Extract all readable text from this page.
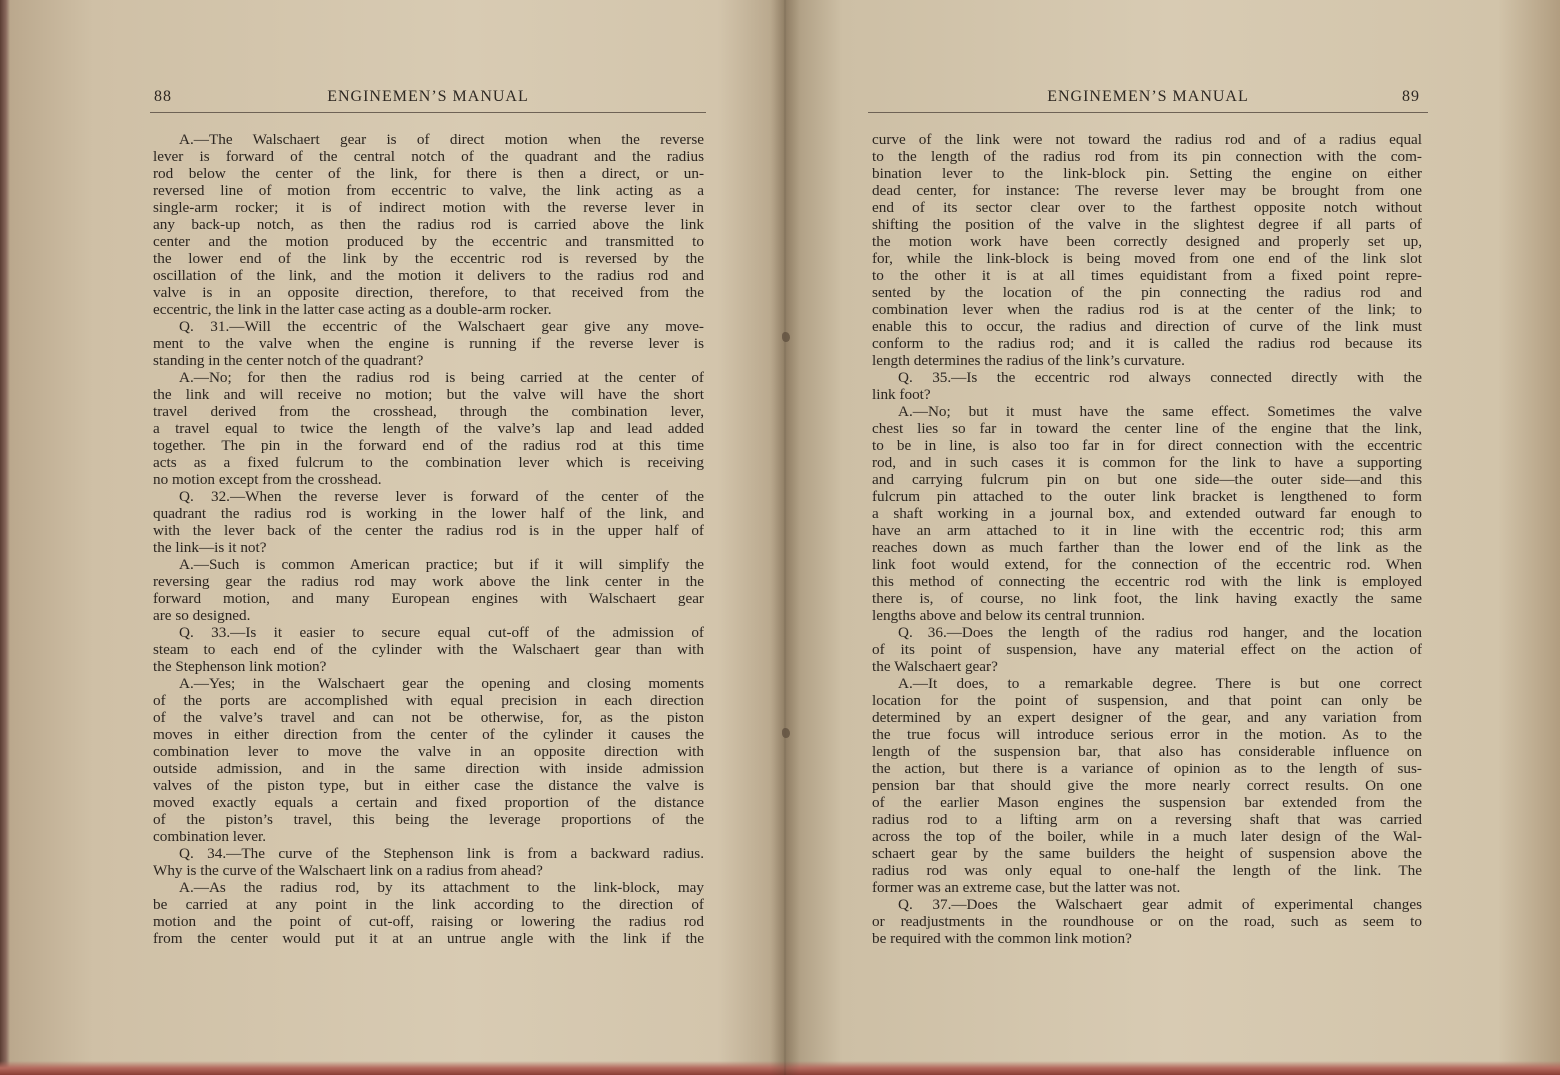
88	ENGINEMEN’S MANUAL
A.—The Walschaert gear is of direct motion when the reverse
lever is forward of the central notch of the quadrant and the radius
rod below the center of the link, for there is then a direct, or un-
reversed line of motion from eccentric to valve, the link acting as a
single-arm rocker; it is of indirect motion with the reverse lever in
any back-up notch, as then the radius rod is carried above the link
center and the motion produced by the eccentric and transmitted to
the lower end of the link by the eccentric rod is reversed by the
oscillation of the link, and the motion it delivers to the radius rod and
valve is in an opposite direction, therefore, to that received from the
eccentric, the link in the latter case acting as a double-arm rocker.
Q. 31.—Will the eccentric of the Walschaert gear give any move-
ment to the valve when the engine is running if the reverse lever is
standing in the center notch of the quadrant?
A.—No; for then the radius rod is being carried at the center of
the link and will receive no motion; but the valve will have the short
travel derived from the crosshead, through the combination lever,
a travel equal to twice the length of the valve’s lap and lead added
together. The pin in the forward end of the radius rod at this time
acts as a fixed fulcrum to the combination lever which is receiving
no motion except from the crosshead.
Q. 32.—When the reverse lever is forward of the center of the
quadrant the radius rod is working in the lower half of the link, and
with the lever back of the center the radius rod is in the upper half of
the link—is it not?
A.—Such is common American practice; but if it will simplify the
reversing gear the radius rod may work above the link center in the
forward motion, and many European engines with Walschaert gear
are so designed.
Q. 33.—Is it easier to secure equal cut-off of the admission of
steam to each end of the cylinder with the Walschaert gear than with
the Stephenson link motion?
A.—Yes; in the Walschaert gear the opening and closing moments
of the ports are accomplished with equal precision in each direction
of the valve’s travel and can not be otherwise, for, as the piston
moves in either direction from the center of the cylinder it causes the
combination lever to move the valve in an opposite direction with
outside admission, and in the same direction with inside admission
valves of the piston type, but in either case the distance the valve is
moved exactly equals a certain and fixed proportion of the distance
of the piston’s travel, this being the leverage proportions of the
combination lever.
Q. 34.—The curve of the Stephenson link is from a backward radius.
Why is the curve of the Walschaert link on a radius from ahead?
A.—As the radius rod, by its attachment to the link-block, may
be carried at any point in the link according to the direction of
motion and the point of cut-off, raising or lowering the radius rod
from the center would put it at an untrue angle with the link if the
ENGINEMEN’S MANUAL	89
curve of the link were not toward the radius rod and of a radius equal
to the length of the radius rod from its pin connection with the com-
bination lever to the link-block pin. Setting the engine on either
dead center, for instance: The reverse lever may be brought from one
end of its sector clear over to the farthest opposite notch without
shifting the position of the valve in the slightest degree if all parts of
the motion work have been correctly designed and properly set up,
for, while the link-block is being moved from one end of the link slot
to the other it is at all times equidistant from a fixed point repre-
sented by the location of the pin connecting the radius rod and
combination lever when the radius rod is at the center of the link; to
enable this to occur, the radius and direction of curve of the link must
conform to the radius rod; and it is called the radius rod because its
length determines the radius of the link’s curvature.
Q. 35.—Is the eccentric rod always connected directly with the
link foot?
A.—No; but it must have the same effect. Sometimes the valve
chest lies so far in toward the center line of the engine that the link,
to be in line, is also too far in for direct connection with the eccentric
rod, and in such cases it is common for the link to have a supporting
and carrying fulcrum pin on but one side—the outer side—and this
fulcrum pin attached to the outer link bracket is lengthened to form
a shaft working in a journal box, and extended outward far enough to
have an arm attached to it in line with the eccentric rod; this arm
reaches down as much farther than the lower end of the link as the
link foot would extend, for the connection of the eccentric rod. When
this method of connecting the eccentric rod with the link is employed
there is, of course, no link foot, the link having exactly the same
lengths above and below its central trunnion.
Q. 36.—Does the length of the radius rod hanger, and the location
of its point of suspension, have any material effect on the action of
the Walschaert gear?
A.—It does, to a remarkable degree. There is but one correct
location for the point of suspension, and that point can only be
determined by an expert designer of the gear, and any variation from
the true focus will introduce serious error in the motion. As to the
length of the suspension bar, that also has considerable influence on
the action, but there is a variance of opinion as to the length of sus-
pension bar that should give the more nearly correct results. On one
of the earlier Mason engines the suspension bar extended from the
radius rod to a lifting arm on a reversing shaft that was carried
across the top of the boiler, while in a much later design of the Wal-
schaert gear by the same builders the height of suspension above the
radius rod was only equal to one-half the length of the link. The
former was an extreme case, but the latter was not.
Q. 37.—Does the Walschaert gear admit of experimental changes
or readjustments in the roundhouse or on the road, such as seem to
be required with the common link motion?
